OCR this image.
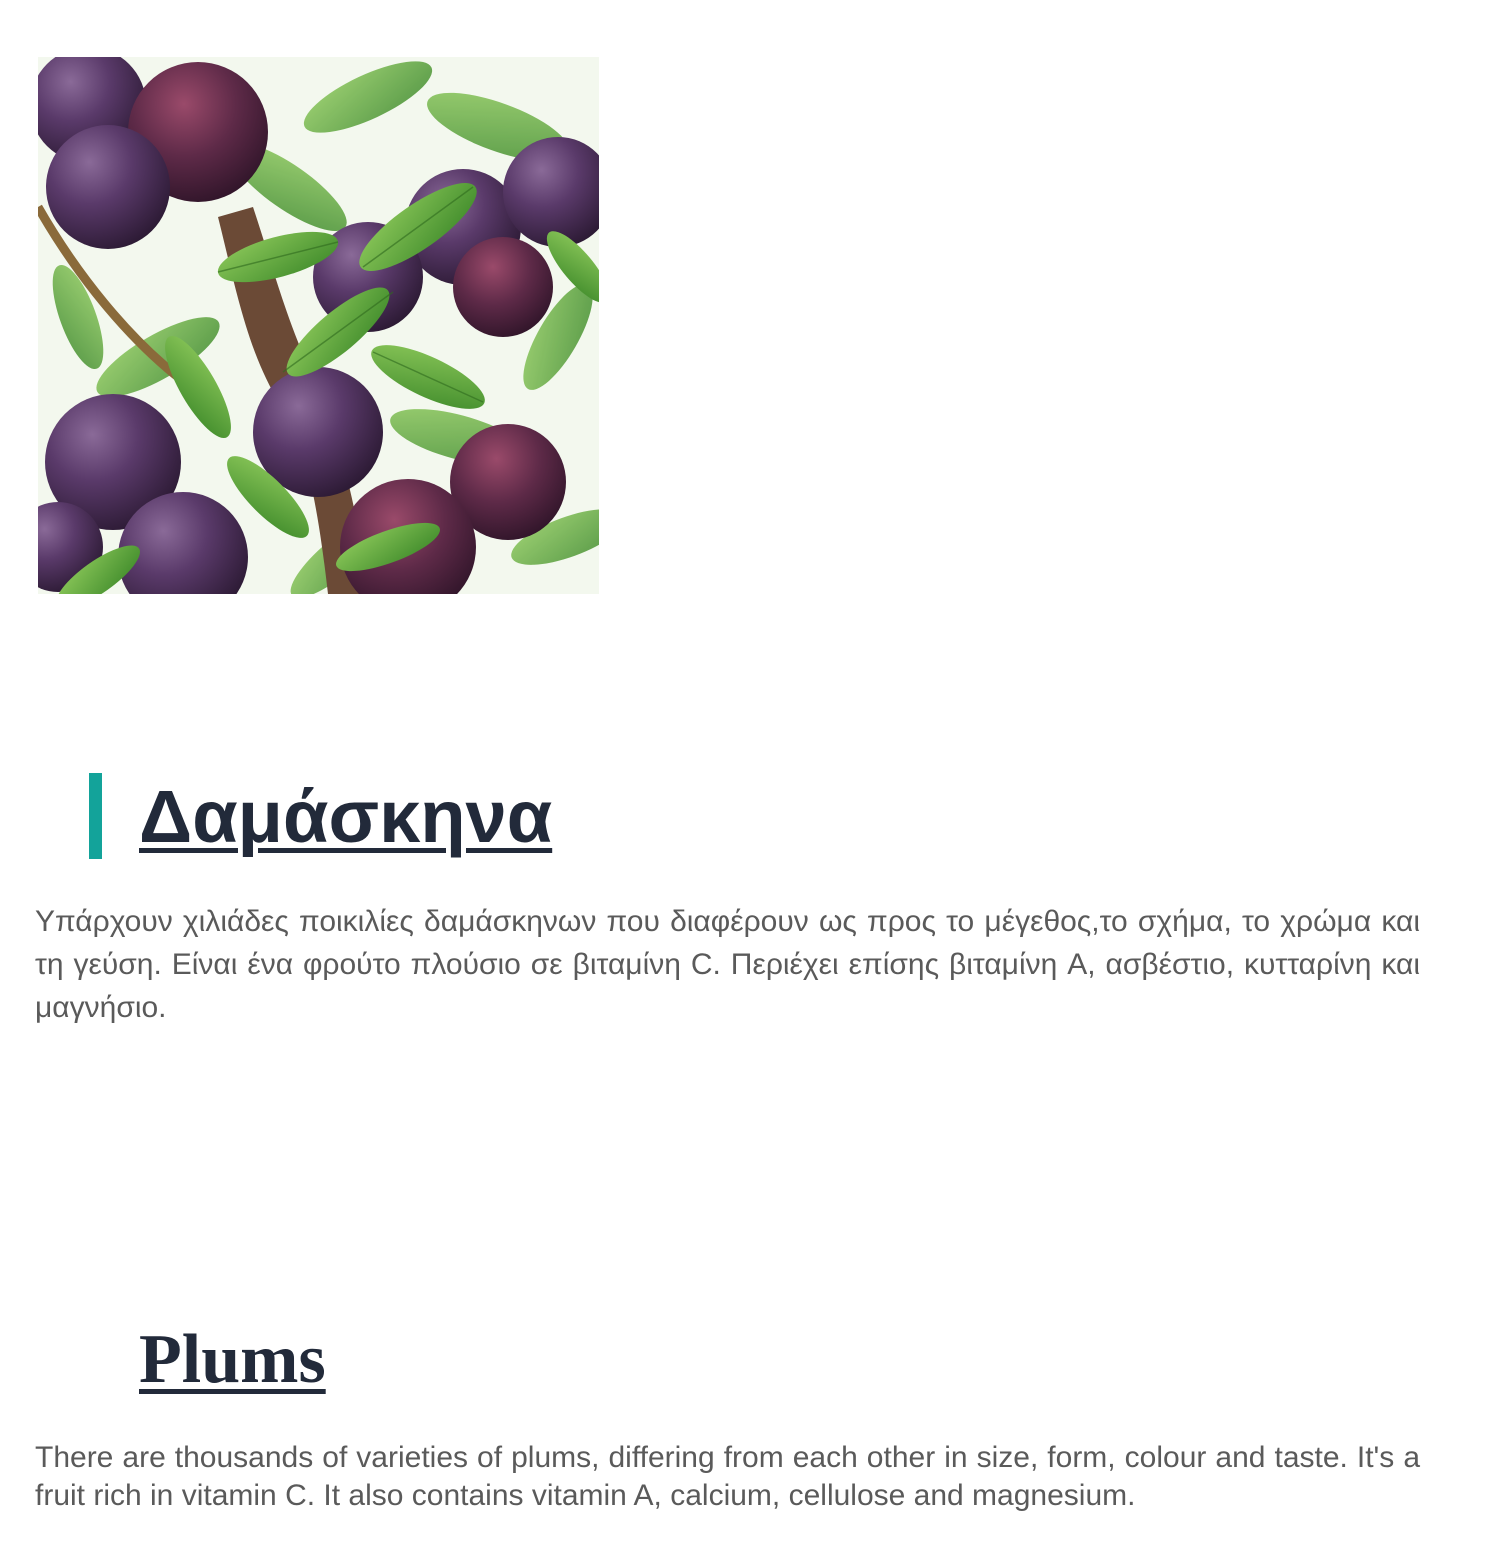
Δαμάσκηνα

Υπάρχουν χιλιάδες ποικιλίες δαμάσκηνων που διαφέρουν ως προς το μέγεθος,το σχήμα, το χρώμα και τη γεύση. Είναι ένα φρούτο πλούσιο σε βιταμίνη C. Περιέχει επίσης βιταμίνη A, ασβέστιο, κυτταρίνη και μαγνήσιο.

Plums

There are thousands of varieties of plums, differing from each other in size, form, colour and taste. It's a fruit rich in vitamin C. It also contains vitamin A, calcium, cellulose and magnesium.
